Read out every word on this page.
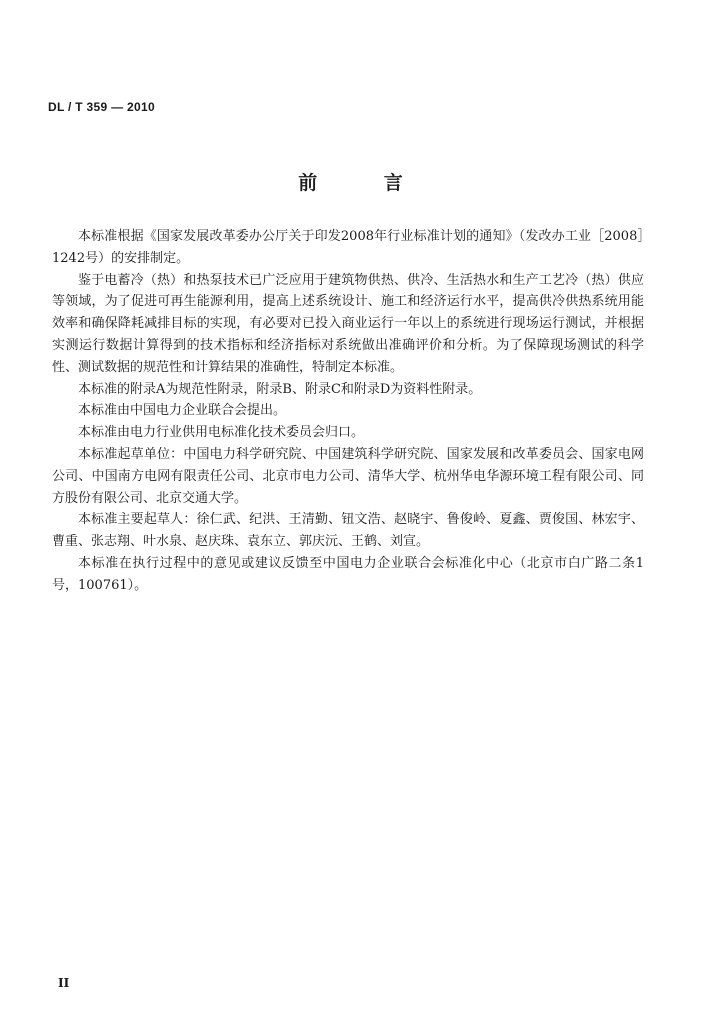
DL / T 359 — 2010
前 言

本标准根据《国家发展改革委办公厅关于印发2008年行业标准计划的通知》（发改办工业［2008］1242号）的安排制定。

鉴于电蓄冷（热）和热泵技术已广泛应用于建筑物供热、供冷、生活热水和生产工艺冷（热）供应等领域，为了促进可再生能源利用，提高上述系统设计、施工和经济运行水平，提高供冷供热系统用能效率和确保降耗减排目标的实现，有必要对已投入商业运行一年以上的系统进行现场运行测试，并根据实测运行数据计算得到的技术指标和经济指标对系统做出准确评价和分析。为了保障现场测试的科学性、测试数据的规范性和计算结果的准确性，特制定本标准。

本标准的附录A为规范性附录，附录B、附录C和附录D为资料性附录。

本标准由中国电力企业联合会提出。

本标准由电力行业供用电标准化技术委员会归口。

本标准起草单位：中国电力科学研究院、中国建筑科学研究院、国家发展和改革委员会、国家电网公司、中国南方电网有限责任公司、北京市电力公司、清华大学、杭州华电华源环境工程有限公司、同方股份有限公司、北京交通大学。

本标准主要起草人：徐仁武、纪洪、王清勤、钮文浩、赵晓宇、鲁俊岭、夏鑫、贾俊国、林宏宇、曹重、张志翔、叶水泉、赵庆珠、袁东立、郭庆沅、王鹤、刘宣。

本标准在执行过程中的意见或建议反馈至中国电力企业联合会标准化中心（北京市白广路二条1号，100761）。

II
